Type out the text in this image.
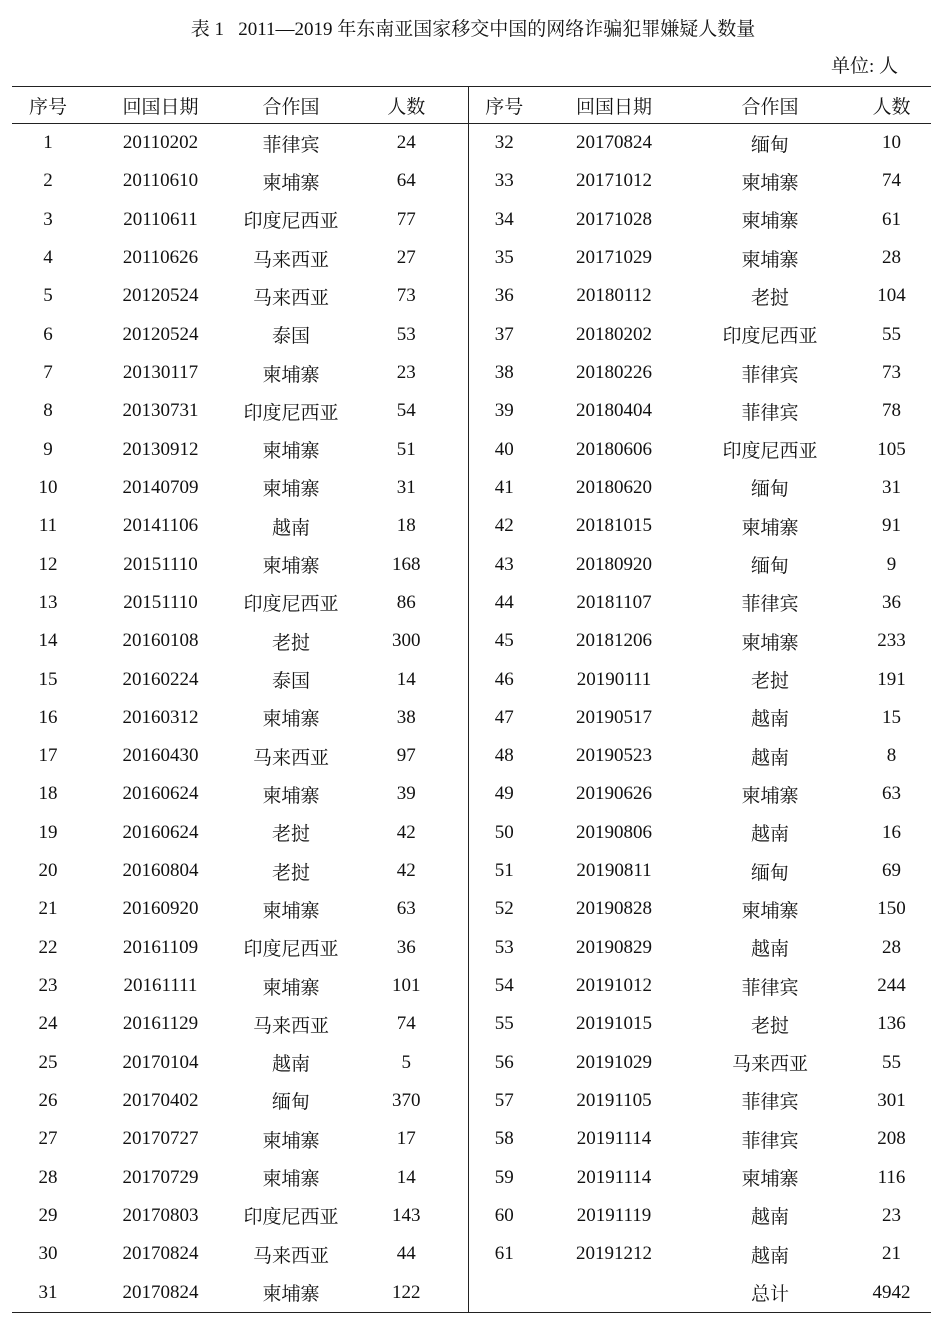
表 1   2011—2019 年东南亚国家移交中国的网络诈骗犯罪嫌疑人数量
单位: 人
序号	回国日期	合作国	人数	序号	回国日期	合作国	人数
1	20110202	菲律宾	24	32	20170824	缅甸	10
2	20110610	柬埔寨	64	33	20171012	柬埔寨	74
3	20110611	印度尼西亚	77	34	20171028	柬埔寨	61
4	20110626	马来西亚	27	35	20171029	柬埔寨	28
5	20120524	马来西亚	73	36	20180112	老挝	104
6	20120524	泰国	53	37	20180202	印度尼西亚	55
7	20130117	柬埔寨	23	38	20180226	菲律宾	73
8	20130731	印度尼西亚	54	39	20180404	菲律宾	78
9	20130912	柬埔寨	51	40	20180606	印度尼西亚	105
10	20140709	柬埔寨	31	41	20180620	缅甸	31
11	20141106	越南	18	42	20181015	柬埔寨	91
12	20151110	柬埔寨	168	43	20180920	缅甸	9
13	20151110	印度尼西亚	86	44	20181107	菲律宾	36
14	20160108	老挝	300	45	20181206	柬埔寨	233
15	20160224	泰国	14	46	20190111	老挝	191
16	20160312	柬埔寨	38	47	20190517	越南	15
17	20160430	马来西亚	97	48	20190523	越南	8
18	20160624	柬埔寨	39	49	20190626	柬埔寨	63
19	20160624	老挝	42	50	20190806	越南	16
20	20160804	老挝	42	51	20190811	缅甸	69
21	20160920	柬埔寨	63	52	20190828	柬埔寨	150
22	20161109	印度尼西亚	36	53	20190829	越南	28
23	20161111	柬埔寨	101	54	20191012	菲律宾	244
24	20161129	马来西亚	74	55	20191015	老挝	136
25	20170104	越南	5	56	20191029	马来西亚	55
26	20170402	缅甸	370	57	20191105	菲律宾	301
27	20170727	柬埔寨	17	58	20191114	菲律宾	208
28	20170729	柬埔寨	14	59	20191114	柬埔寨	116
29	20170803	印度尼西亚	143	60	20191119	越南	23
30	20170824	马来西亚	44	61	20191212	越南	21
31	20170824	柬埔寨	122			总计	4942
